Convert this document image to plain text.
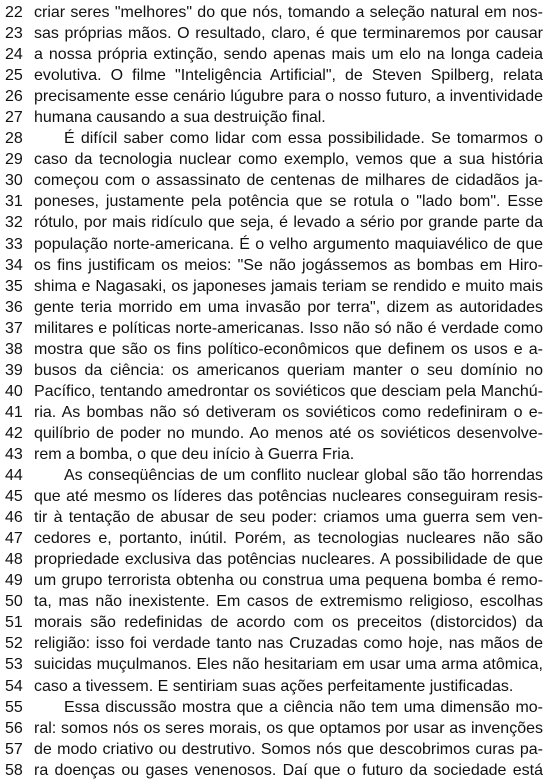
22 criar seres "melhores" do que nós, tomando a seleção natural em nos-
23 sas próprias mãos. O resultado, claro, é que terminaremos por causar
24 a nossa própria extinção, sendo apenas mais um elo na longa cadeia
25 evolutiva. O filme "Inteligência Artificial", de Steven Spilberg, relata
26 precisamente esse cenário lúgubre para o nosso futuro, a inventividade
27 humana causando a sua destruição final.
28	É difícil saber como lidar com essa possibilidade. Se tomarmos o
29 caso da tecnologia nuclear como exemplo, vemos que a sua história
30 começou com o assassinato de centenas de milhares de cidadãos ja-
31 poneses, justamente pela potência que se rotula o "lado bom". Esse
32 rótulo, por mais ridículo que seja, é levado a sério por grande parte da
33 população norte-americana. É o velho argumento maquiavélico de que
34 os fins justificam os meios: "Se não jogássemos as bombas em Hiro-
35 shima e Nagasaki, os japoneses jamais teriam se rendido e muito mais
36 gente teria morrido em uma invasão por terra", dizem as autoridades
37 militares e políticas norte-americanas. Isso não só não é verdade como
38 mostra que são os fins político-econômicos que definem os usos e a-
39 busos da ciência: os americanos queriam manter o seu domínio no
40 Pacífico, tentando amedrontar os soviéticos que desciam pela Manchú-
41 ria. As bombas não só detiveram os soviéticos como redefiniram o e-
42 quilíbrio de poder no mundo. Ao menos até os soviéticos desenvolve-
43 rem a bomba, o que deu início à Guerra Fria.
44	As conseqüências de um conflito nuclear global são tão horrendas
45 que até mesmo os líderes das potências nucleares conseguiram resis-
46 tir à tentação de abusar de seu poder: criamos uma guerra sem ven-
47 cedores e, portanto, inútil. Porém, as tecnologias nucleares não são
48 propriedade exclusiva das potências nucleares. A possibilidade de que
49 um grupo terrorista obtenha ou construa uma pequena bomba é remo-
50 ta, mas não inexistente. Em casos de extremismo religioso, escolhas
51 morais são redefinidas de acordo com os preceitos (distorcidos) da
52 religião: isso foi verdade tanto nas Cruzadas como hoje, nas mãos de
53 suicidas muçulmanos. Eles não hesitariam em usar uma arma atômica,
54 caso a tivessem. E sentiriam suas ações perfeitamente justificadas.
55	Essa discussão mostra que a ciência não tem uma dimensão mo-
56 ral: somos nós os seres morais, os que optamos por usar as invenções
57 de modo criativo ou destrutivo. Somos nós que descobrimos curas pa-
58 ra doenças ou gases venenosos. Daí que o futuro da sociedade está
